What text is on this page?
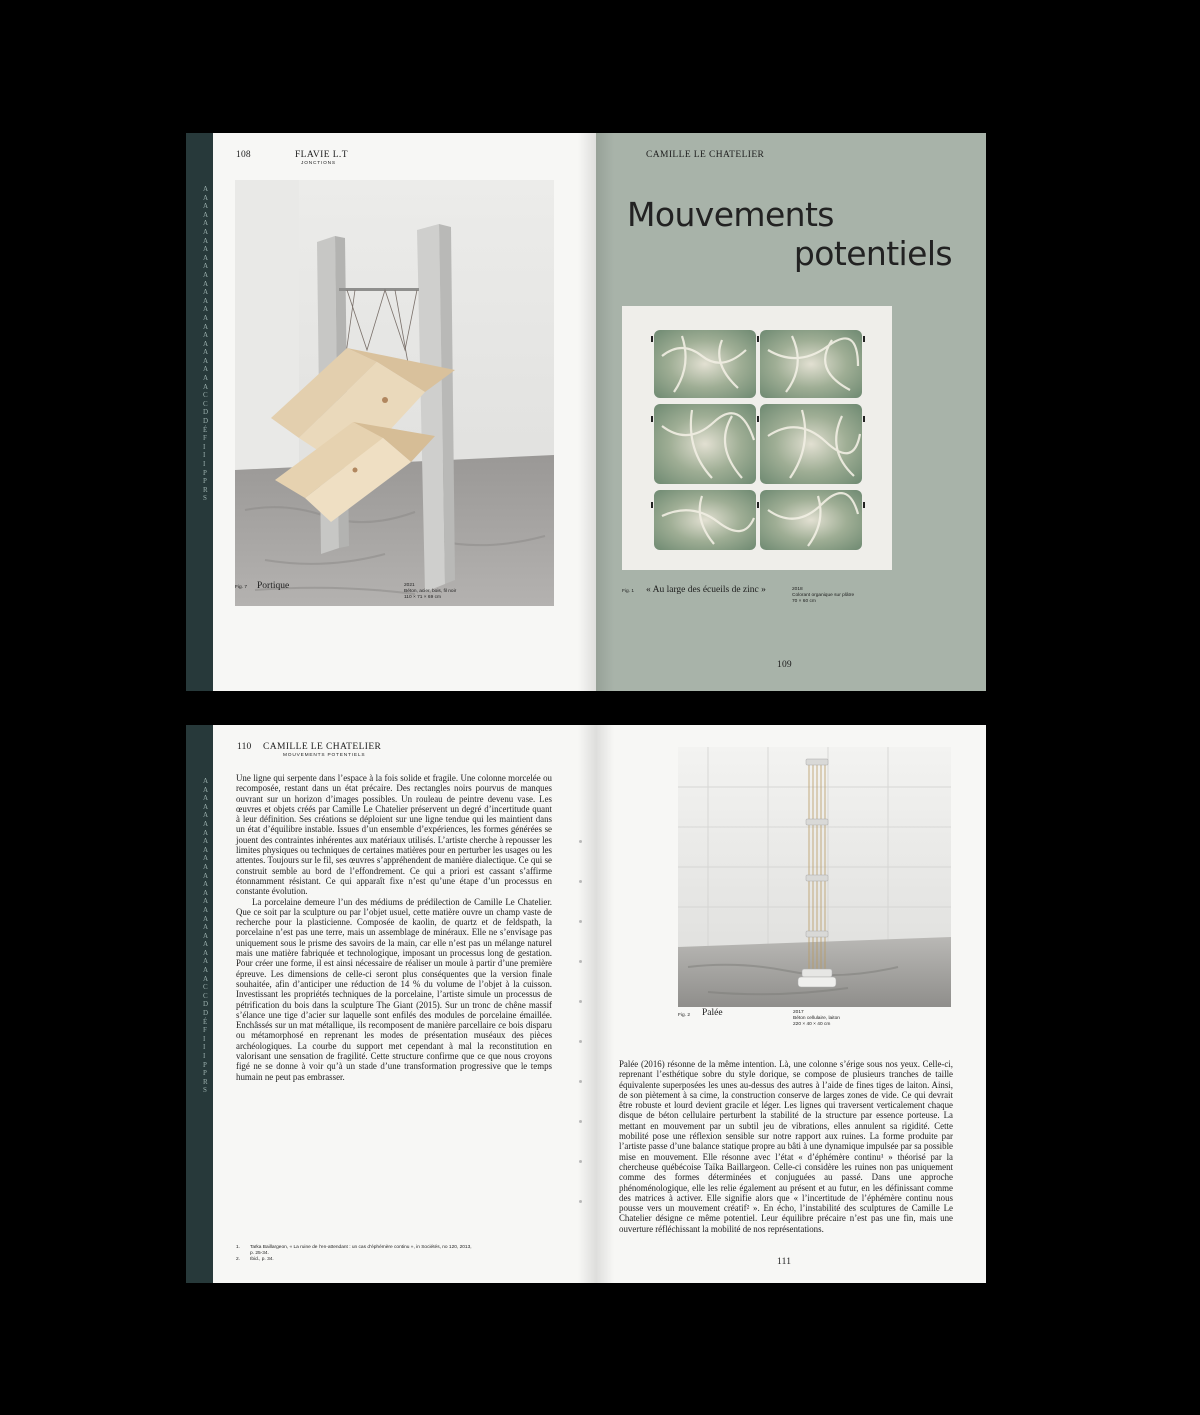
A
A
A
A
A
A
A
A
A
A
A
A
A
A
A
A
A
A
A
A
A
A
A
A
C
C
D
D
É
F
I
I
I
P
P
R
S
108	FLAVIE L.T
JONCTIONS
Fig. 7 Portique	2021
Béton, acier, bois, fil noir
110 × 71 × 69 cm
CAMILLE LE CHATELIER
Mouvements
potentiels
Fig. 1 « Au large des écueils de zinc »	2018
Colorant organique sur plâtre
70 × 60 cm
109
A
A
A
A
A
A
A
A
A
A
A
A
A
A
A
A
A
A
A
A
A
A
A
A
C
C
D
D
É
F
I
I
I
P
P
R
S
110 CAMILLE LE CHATELIER
MOUVEMENTS POTENTIELS

Une ligne qui serpente dans l’espace à la fois solide et fragile. Une colonne morcelée ou recomposée, restant dans un état précaire. Des rectangles noirs pourvus de manques ouvrant sur un horizon d’images possibles. Un rouleau de peintre devenu vase. Les œuvres et objets créés par Camille Le Chatelier préservent un degré d’incertitude quant à leur définition. Ses créations se déploient sur une ligne tendue qui les maintient dans un état d’équilibre instable. Issues d’un ensemble d’expériences, les formes générées se jouent des contraintes inhérentes aux matériaux utilisés. L’artiste cherche à repousser les limites physiques ou techniques de certaines matières pour en perturber les usages ou les attentes. Toujours sur le fil, ses œuvres s’appréhendent de manière dialectique. Ce qui se construit semble au bord de l’effondrement. Ce qui a priori est cassant s’affirme étonnamment résistant. Ce qui apparaît fixe n’est qu’une étape d’un processus en constante évolution.

La porcelaine demeure l’un des médiums de prédilection de Camille Le Chatelier. Que ce soit par la sculpture ou par l’objet usuel, cette matière ouvre un champ vaste de recherche pour la plasticienne. Composée de kaolin, de quartz et de feldspath, la porcelaine n’est pas une terre, mais un assemblage de minéraux. Elle ne s’envisage pas uniquement sous le prisme des savoirs de la main, car elle n’est pas un mélange naturel mais une matière fabriquée et technologique, imposant un processus long de gestation. Pour créer une forme, il est ainsi nécessaire de réaliser un moule à partir d’une première épreuve. Les dimensions de celle-ci seront plus conséquentes que la version finale souhaitée, afin d’anticiper une réduction de 14 % du volume de l’objet à la cuisson. Investissant les propriétés techniques de la porcelaine, l’artiste simule un processus de pétrification du bois dans la sculpture The Giant (2015). Sur un tronc de chêne massif s’élance une tige d’acier sur laquelle sont enfilés des modules de porcelaine émaillée. Enchâssés sur un mat métallique, ils recomposent de manière parcellaire ce bois disparu ou métamorphosé en reprenant les modes de présentation muséaux des pièces archéologiques. La courbe du support met cependant à mal la reconstitution en valorisant une sensation de fragilité. Cette structure confirme que ce que nous croyons figé ne se donne à voir qu’à un stade d’une transformation progressive que le temps humain ne peut pas embrasser.

1.	Taïka Baillargeon, « La ruine de l’en-attendant : un cas d’éphémère continu », in Sociétés, no 120, 2013, p. 25-34.
2.	Ibid., p. 34.
Fig. 2 Palée	2017
Béton cellulaire, laiton
220 × 40 × 40 cm

Palée (2016) résonne de la même intention. Là, une colonne s’érige sous nos yeux. Celle-ci, reprenant l’esthétique sobre du style dorique, se compose de plusieurs tranches de taille équivalente superposées les unes au-dessus des autres à l’aide de fines tiges de laiton. Ainsi, de son piètement à sa cime, la construction conserve de larges zones de vide. Ce qui devrait être robuste et lourd devient gracile et léger. Les lignes qui traversent verticalement chaque disque de béton cellulaire perturbent la stabilité de la structure par essence porteuse. La mettant en mouvement par un subtil jeu de vibrations, elles annulent sa rigidité. Cette mobilité pose une réflexion sensible sur notre rapport aux ruines. La forme produite par l’artiste passe d’une balance statique propre au bâti à une dynamique impulsée par sa possible mise en mouvement. Elle résonne avec l’état « d’éphémère continu¹ » théorisé par la chercheuse québécoise Taïka Baillargeon. Celle-ci considère les ruines non pas uniquement comme des formes déterminées et conjuguées au passé. Dans une approche phénoménologique, elle les relie également au présent et au futur, en les définissant comme des matrices à activer. Elle signifie alors que « l’incertitude de l’éphémère continu nous pousse vers un mouvement créatif² ». En écho, l’instabilité des sculptures de Camille Le Chatelier désigne ce même potentiel. Leur équilibre précaire n’est pas une fin, mais une ouverture réfléchissant la mobilité de nos représentations.

111
